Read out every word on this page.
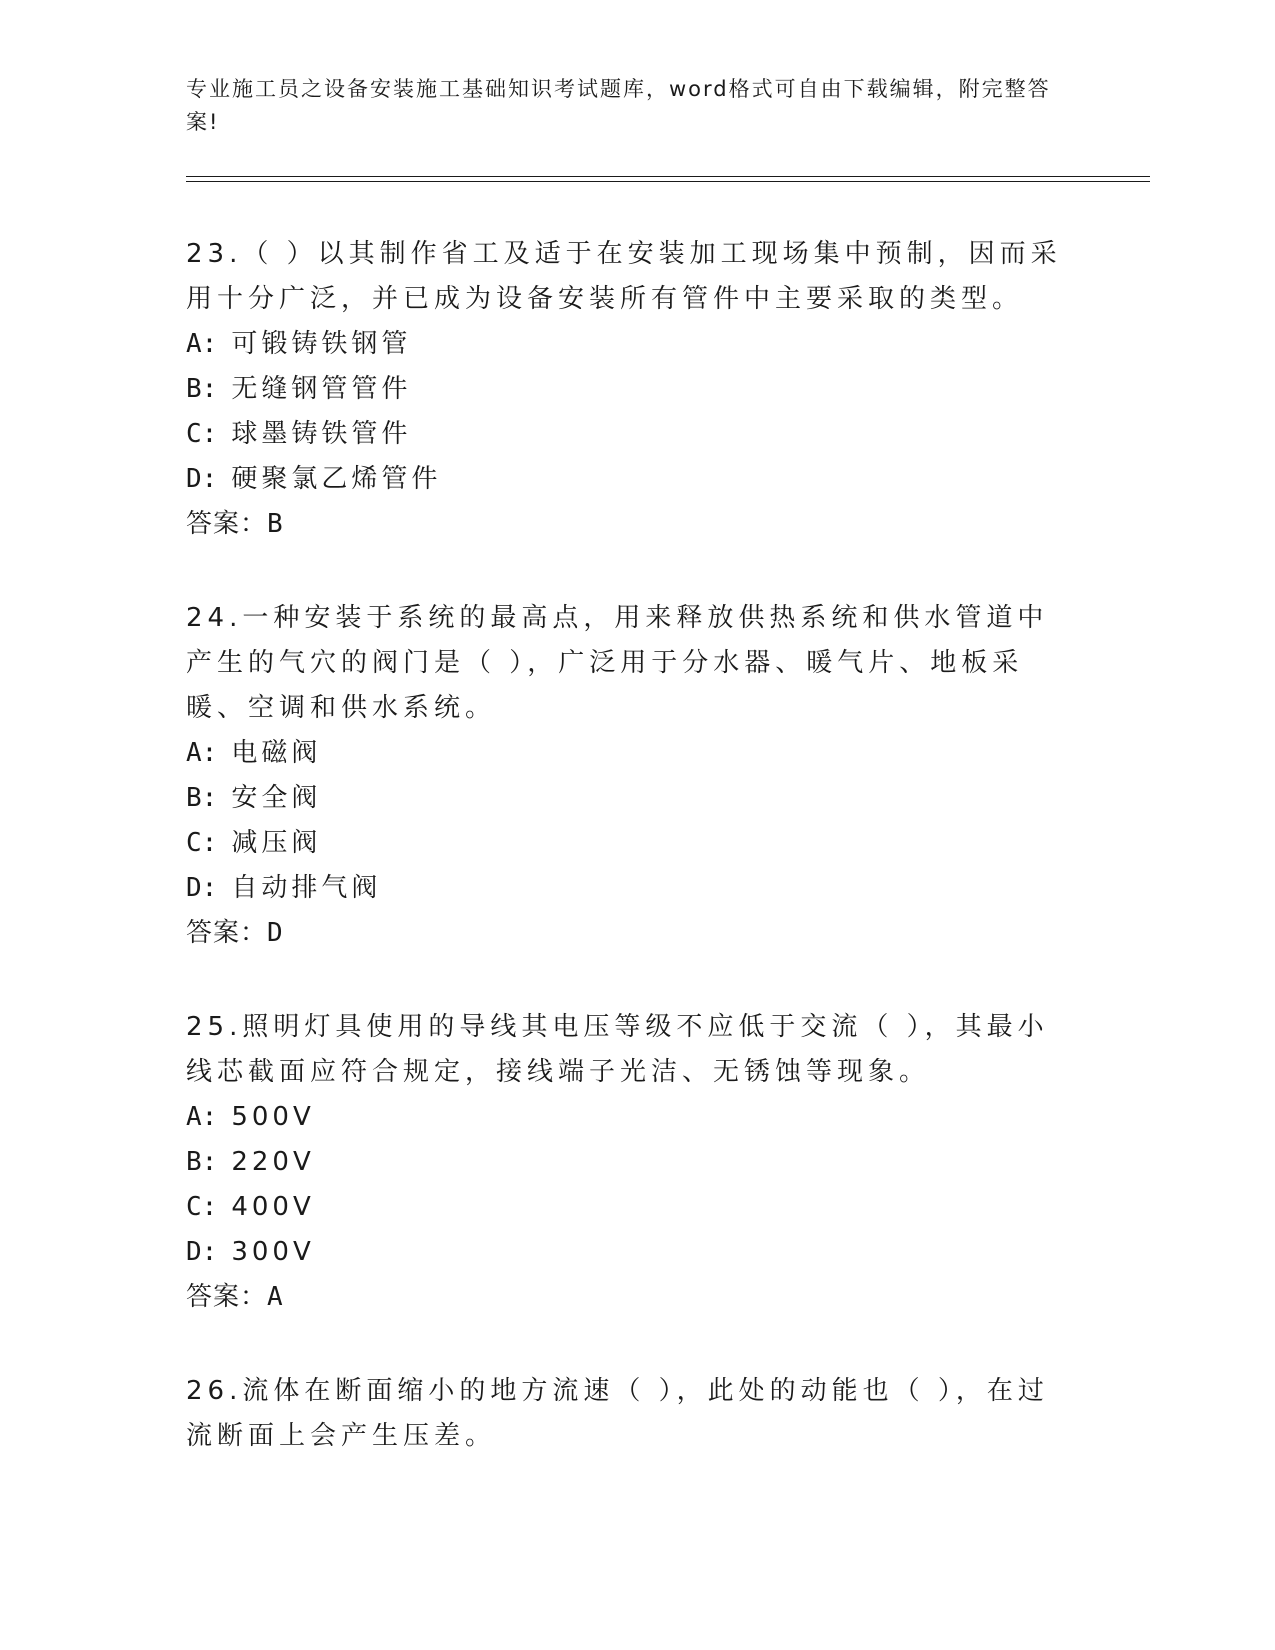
专业施工员之设备安装施工基础知识考试题库，word格式可自由下载编辑，附完整答案!

23.（ ）以其制作省工及适于在安装加工现场集中预制，因而采用十分广泛，并已成为设备安装所有管件中主要采取的类型。

A: 可锻铸铁钢管

B: 无缝钢管管件

C: 球墨铸铁管件

D: 硬聚氯乙烯管件

答案：B

24.一种安装于系统的最高点，用来释放供热系统和供水管道中产生的气穴的阀门是（ ），广泛用于分水器、暖气片、地板采暖、空调和供水系统。

A: 电磁阀

B: 安全阀

C: 减压阀

D: 自动排气阀

答案：D

25.照明灯具使用的导线其电压等级不应低于交流（ ），其最小线芯截面应符合规定，接线端子光洁、无锈蚀等现象。

A: 500V

B: 220V

C: 400V

D: 300V

答案：A

26.流体在断面缩小的地方流速（ ），此处的动能也（ ），在过流断面上会产生压差。
